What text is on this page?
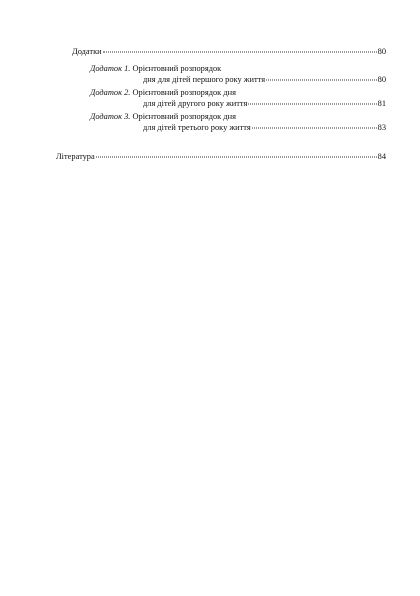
Додатки	80
Додаток 1. Орієнтовний розпорядок
дня для дітей першого року життя	80
Додаток 2. Орієнтовний розпорядок дня
для дітей другого року життя	81
Додаток 3. Орієнтовний розпорядок дня
для дітей третього року життя	83
Література	84
